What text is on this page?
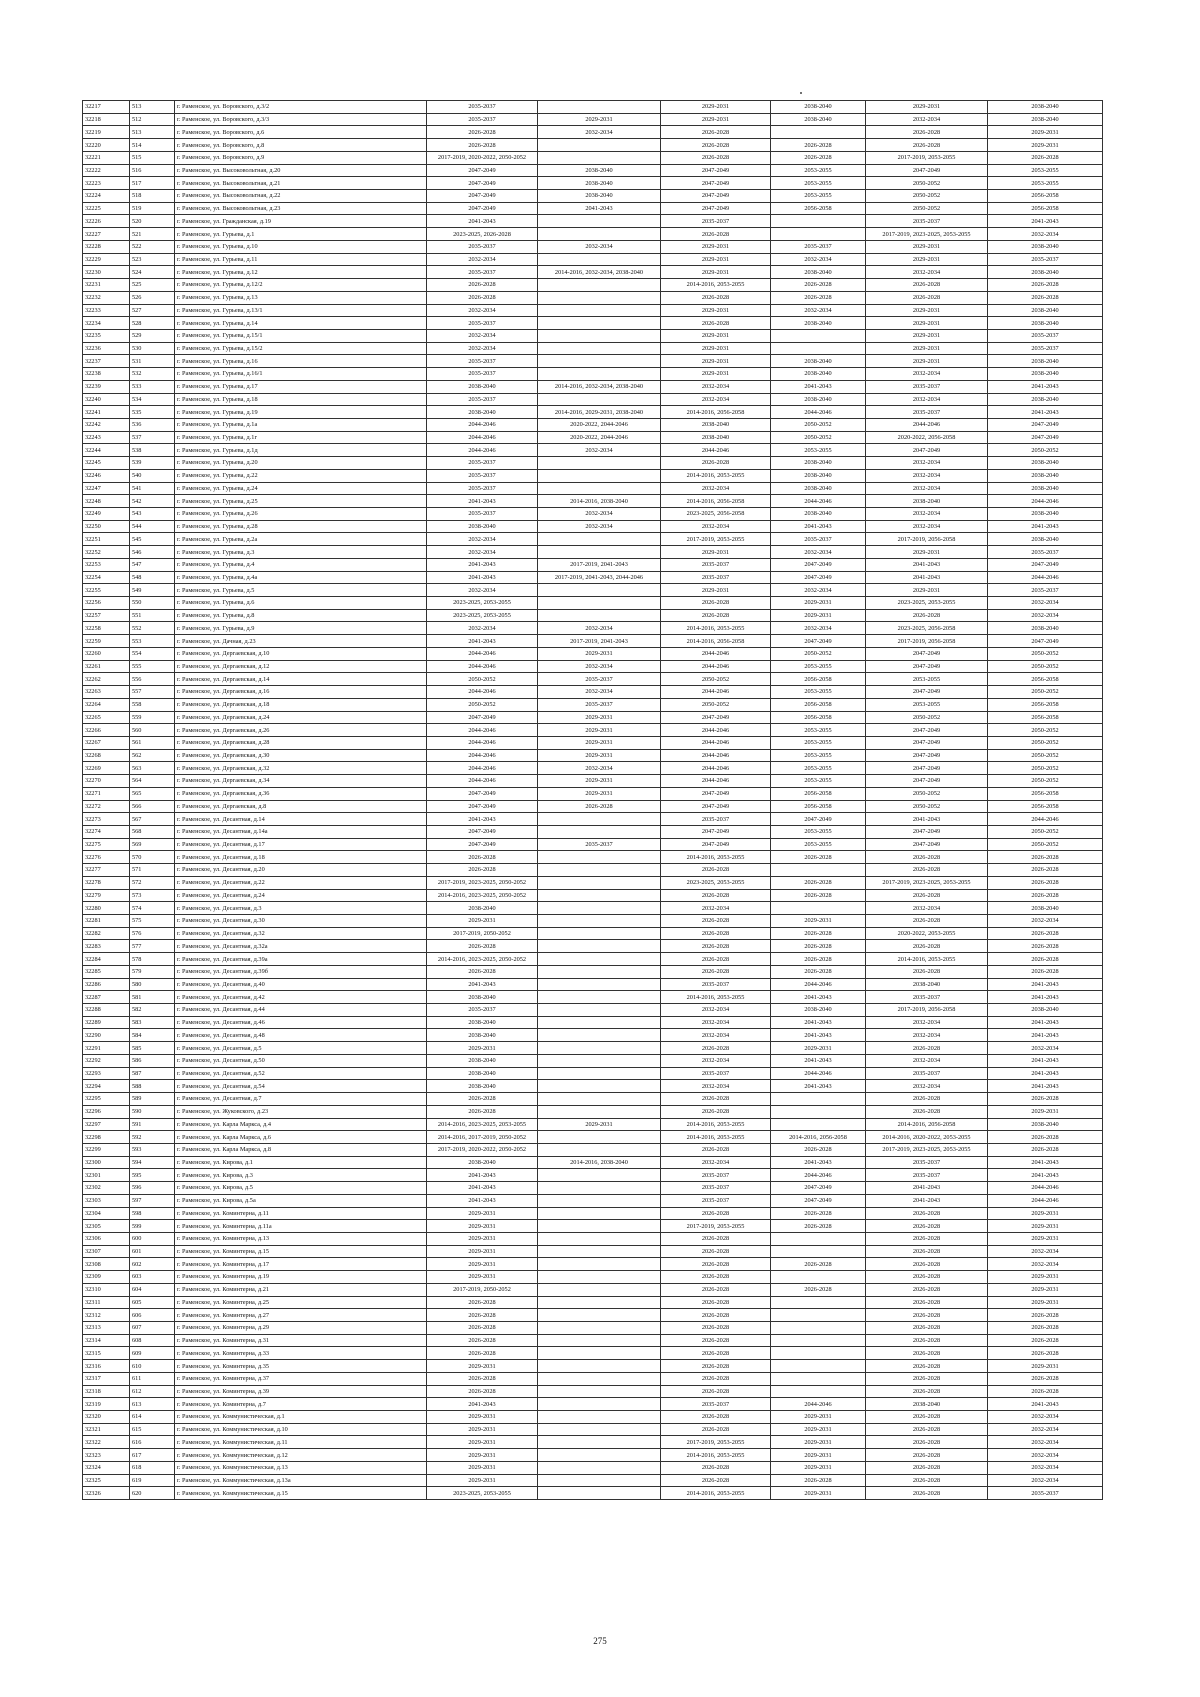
32217	513	г. Раменское, ул. Воровского, д.3/2	2035-2037		2029-2031	2038-2040	2029-2031	2038-2040
32218	512	г. Раменское, ул. Воровского, д.3/3	2035-2037	2029-2031	2029-2031	2038-2040	2032-2034	2038-2040
32219	513	г. Раменское, ул. Воровского, д.6	2026-2028	2032-2034	2026-2028		2026-2028	2029-2031
32220	514	г. Раменское, ул. Воровского, д.8	2026-2028		2026-2028	2026-2028	2026-2028	2029-2031
32221	515	г. Раменское, ул. Воровского, д.9	2017-2019, 2020-2022, 2050-2052		2026-2028	2026-2028	2017-2019, 2053-2055	2026-2028
32222	516	г. Раменское, ул. Высоковольтная, д.20	2047-2049	2038-2040	2047-2049	2053-2055	2047-2049	2053-2055
32223	517	г. Раменское, ул. Высоковольтная, д.21	2047-2049	2038-2040	2047-2049	2053-2055	2050-2052	2053-2055
32224	518	г. Раменское, ул. Высоковольтная, д.22	2047-2049	2038-2040	2047-2049	2053-2055	2050-2052	2056-2058
32225	519	г. Раменское, ул. Высоковольтная, д.23	2047-2049	2041-2043	2047-2049	2056-2058	2050-2052	2056-2058
32226	520	г. Раменское, ул. Гражданская, д.19	2041-2043		2035-2037		2035-2037	2041-2043
32227	521	г. Раменское, ул. Гурьева, д.1	2023-2025, 2026-2028		2026-2028		2017-2019, 2023-2025, 2053-2055	2032-2034
32228	522	г. Раменское, ул. Гурьева, д.10	2035-2037	2032-2034	2029-2031	2035-2037	2029-2031	2038-2040
32229	523	г. Раменское, ул. Гурьева, д.11	2032-2034		2029-2031	2032-2034	2029-2031	2035-2037
32230	524	г. Раменское, ул. Гурьева, д.12	2035-2037	2014-2016, 2032-2034, 2038-2040	2029-2031	2038-2040	2032-2034	2038-2040
32231	525	г. Раменское, ул. Гурьева, д.12/2	2026-2028		2014-2016, 2053-2055	2026-2028	2026-2028	2026-2028
32232	526	г. Раменское, ул. Гурьева, д.13	2026-2028		2026-2028	2026-2028	2026-2028	2026-2028
32233	527	г. Раменское, ул. Гурьева, д.13/1	2032-2034		2029-2031	2032-2034	2029-2031	2038-2040
32234	528	г. Раменское, ул. Гурьева, д.14	2035-2037		2026-2028	2038-2040	2029-2031	2038-2040
32235	529	г. Раменское, ул. Гурьева, д.15/1	2032-2034		2029-2031		2029-2031	2035-2037
32236	530	г. Раменское, ул. Гурьева, д.15/2	2032-2034		2029-2031		2029-2031	2035-2037
32237	531	г. Раменское, ул. Гурьева, д.16	2035-2037		2029-2031	2038-2040	2029-2031	2038-2040
32238	532	г. Раменское, ул. Гурьева, д.16/1	2035-2037		2029-2031	2038-2040	2032-2034	2038-2040
32239	533	г. Раменское, ул. Гурьева, д.17	2038-2040	2014-2016, 2032-2034, 2038-2040	2032-2034	2041-2043	2035-2037	2041-2043
32240	534	г. Раменское, ул. Гурьева, д.18	2035-2037		2032-2034	2038-2040	2032-2034	2038-2040
32241	535	г. Раменское, ул. Гурьева, д.19	2038-2040	2014-2016, 2029-2031, 2038-2040	2014-2016, 2056-2058	2044-2046	2035-2037	2041-2043
32242	536	г. Раменское, ул. Гурьева, д.1а	2044-2046	2020-2022, 2044-2046	2038-2040	2050-2052	2044-2046	2047-2049
32243	537	г. Раменское, ул. Гурьева, д.1г	2044-2046	2020-2022, 2044-2046	2038-2040	2050-2052	2020-2022, 2056-2058	2047-2049
32244	538	г. Раменское, ул. Гурьева, д.1д	2044-2046	2032-2034	2044-2046	2053-2055	2047-2049	2050-2052
32245	539	г. Раменское, ул. Гурьева, д.20	2035-2037		2026-2028	2038-2040	2032-2034	2038-2040
32246	540	г. Раменское, ул. Гурьева, д.22	2035-2037		2014-2016, 2053-2055	2038-2040	2032-2034	2038-2040
32247	541	г. Раменское, ул. Гурьева, д.24	2035-2037		2032-2034	2038-2040	2032-2034	2038-2040
32248	542	г. Раменское, ул. Гурьева, д.25	2041-2043	2014-2016, 2038-2040	2014-2016, 2056-2058	2044-2046	2038-2040	2044-2046
32249	543	г. Раменское, ул. Гурьева, д.26	2035-2037	2032-2034	2023-2025, 2056-2058	2038-2040	2032-2034	2038-2040
32250	544	г. Раменское, ул. Гурьева, д.28	2038-2040	2032-2034	2032-2034	2041-2043	2032-2034	2041-2043
32251	545	г. Раменское, ул. Гурьева, д.2а	2032-2034		2017-2019, 2053-2055	2035-2037	2017-2019, 2056-2058	2038-2040
32252	546	г. Раменское, ул. Гурьева, д.3	2032-2034		2029-2031	2032-2034	2029-2031	2035-2037
32253	547	г. Раменское, ул. Гурьева, д.4	2041-2043	2017-2019, 2041-2043	2035-2037	2047-2049	2041-2043	2047-2049
32254	548	г. Раменское, ул. Гурьева, д.4а	2041-2043	2017-2019, 2041-2043, 2044-2046	2035-2037	2047-2049	2041-2043	2044-2046
32255	549	г. Раменское, ул. Гурьева, д.5	2032-2034		2029-2031	2032-2034	2029-2031	2035-2037
32256	550	г. Раменское, ул. Гурьева, д.6	2023-2025, 2053-2055		2026-2028	2029-2031	2023-2025, 2053-2055	2032-2034
32257	551	г. Раменское, ул. Гурьева, д.8	2023-2025, 2053-2055		2026-2028	2029-2031	2026-2028	2032-2034
32258	552	г. Раменское, ул. Гурьева, д.9	2032-2034	2032-2034	2014-2016, 2053-2055	2032-2034	2023-2025, 2056-2058	2038-2040
32259	553	г. Раменское, ул. Дачная, д.23	2041-2043	2017-2019, 2041-2043	2014-2016, 2056-2058	2047-2049	2017-2019, 2056-2058	2047-2049
32260	554	г. Раменское, ул. Дергаевская, д.10	2044-2046	2029-2031	2044-2046	2050-2052	2047-2049	2050-2052
32261	555	г. Раменское, ул. Дергаевская, д.12	2044-2046	2032-2034	2044-2046	2053-2055	2047-2049	2050-2052
32262	556	г. Раменское, ул. Дергаевская, д.14	2050-2052	2035-2037	2050-2052	2056-2058	2053-2055	2056-2058
32263	557	г. Раменское, ул. Дергаевская, д.16	2044-2046	2032-2034	2044-2046	2053-2055	2047-2049	2050-2052
32264	558	г. Раменское, ул. Дергаевская, д.18	2050-2052	2035-2037	2050-2052	2056-2058	2053-2055	2056-2058
32265	559	г. Раменское, ул. Дергаевская, д.24	2047-2049	2029-2031	2047-2049	2056-2058	2050-2052	2056-2058
32266	560	г. Раменское, ул. Дергаевская, д.26	2044-2046	2029-2031	2044-2046	2053-2055	2047-2049	2050-2052
32267	561	г. Раменское, ул. Дергаевская, д.28	2044-2046	2029-2031	2044-2046	2053-2055	2047-2049	2050-2052
32268	562	г. Раменское, ул. Дергаевская, д.30	2044-2046	2029-2031	2044-2046	2053-2055	2047-2049	2050-2052
32269	563	г. Раменское, ул. Дергаевская, д.32	2044-2046	2032-2034	2044-2046	2053-2055	2047-2049	2050-2052
32270	564	г. Раменское, ул. Дергаевская, д.34	2044-2046	2029-2031	2044-2046	2053-2055	2047-2049	2050-2052
32271	565	г. Раменское, ул. Дергаевская, д.36	2047-2049	2029-2031	2047-2049	2056-2058	2050-2052	2056-2058
32272	566	г. Раменское, ул. Дергаевская, д.8	2047-2049	2026-2028	2047-2049	2056-2058	2050-2052	2056-2058
32273	567	г. Раменское, ул. Десантная, д.14	2041-2043		2035-2037	2047-2049	2041-2043	2044-2046
32274	568	г. Раменское, ул. Десантная, д.14а	2047-2049		2047-2049	2053-2055	2047-2049	2050-2052
32275	569	г. Раменское, ул. Десантная, д.17	2047-2049	2035-2037	2047-2049	2053-2055	2047-2049	2050-2052
32276	570	г. Раменское, ул. Десантная, д.18	2026-2028		2014-2016, 2053-2055	2026-2028	2026-2028	2026-2028
32277	571	г. Раменское, ул. Десантная, д.20	2026-2028		2026-2028		2026-2028	2026-2028
32278	572	г. Раменское, ул. Десантная, д.22	2017-2019, 2023-2025, 2050-2052		2023-2025, 2053-2055	2026-2028	2017-2019, 2023-2025, 2053-2055	2026-2028
32279	573	г. Раменское, ул. Десантная, д.24	2014-2016, 2023-2025, 2050-2052		2026-2028	2026-2028	2026-2028	2026-2028
32280	574	г. Раменское, ул. Десантная, д.3	2038-2040		2032-2034		2032-2034	2038-2040
32281	575	г. Раменское, ул. Десантная, д.30	2029-2031		2026-2028	2029-2031	2026-2028	2032-2034
32282	576	г. Раменское, ул. Десантная, д.32	2017-2019, 2050-2052		2026-2028	2026-2028	2020-2022, 2053-2055	2026-2028
32283	577	г. Раменское, ул. Десантная, д.32а	2026-2028		2026-2028	2026-2028	2026-2028	2026-2028
32284	578	г. Раменское, ул. Десантная, д.39а	2014-2016, 2023-2025, 2050-2052		2026-2028	2026-2028	2014-2016, 2053-2055	2026-2028
32285	579	г. Раменское, ул. Десантная, д.39б	2026-2028		2026-2028	2026-2028	2026-2028	2026-2028
32286	580	г. Раменское, ул. Десантная, д.40	2041-2043		2035-2037	2044-2046	2038-2040	2041-2043
32287	581	г. Раменское, ул. Десантная, д.42	2038-2040		2014-2016, 2053-2055	2041-2043	2035-2037	2041-2043
32288	582	г. Раменское, ул. Десантная, д.44	2035-2037		2032-2034	2038-2040	2017-2019, 2056-2058	2038-2040
32289	583	г. Раменское, ул. Десантная, д.46	2038-2040		2032-2034	2041-2043	2032-2034	2041-2043
32290	584	г. Раменское, ул. Десантная, д.48	2038-2040		2032-2034	2041-2043	2032-2034	2041-2043
32291	585	г. Раменское, ул. Десантная, д.5	2029-2031		2026-2028	2029-2031	2026-2028	2032-2034
32292	586	г. Раменское, ул. Десантная, д.50	2038-2040		2032-2034	2041-2043	2032-2034	2041-2043
32293	587	г. Раменское, ул. Десантная, д.52	2038-2040		2035-2037	2044-2046	2035-2037	2041-2043
32294	588	г. Раменское, ул. Десантная, д.54	2038-2040		2032-2034	2041-2043	2032-2034	2041-2043
32295	589	г. Раменское, ул. Десантная, д.7	2026-2028		2026-2028		2026-2028	2026-2028
32296	590	г. Раменское, ул. Жуковского, д.23	2026-2028		2026-2028		2026-2028	2029-2031
32297	591	г. Раменское, ул. Карла Маркса, д.4	2014-2016, 2023-2025, 2053-2055	2029-2031	2014-2016, 2053-2055		2014-2016, 2056-2058	2038-2040
32298	592	г. Раменское, ул. Карла Маркса, д.6	2014-2016, 2017-2019, 2050-2052		2014-2016, 2053-2055	2014-2016, 2056-2058	2014-2016, 2020-2022, 2053-2055	2026-2028
32299	593	г. Раменское, ул. Карла Маркса, д.8	2017-2019, 2020-2022, 2050-2052		2026-2028	2026-2028	2017-2019, 2023-2025, 2053-2055	2026-2028
32300	594	г. Раменское, ул. Кирова, д.1	2038-2040	2014-2016, 2038-2040	2032-2034	2041-2043	2035-2037	2041-2043
32301	595	г. Раменское, ул. Кирова, д.3	2041-2043		2035-2037	2044-2046	2035-2037	2041-2043
32302	596	г. Раменское, ул. Кирова, д.5	2041-2043		2035-2037	2047-2049	2041-2043	2044-2046
32303	597	г. Раменское, ул. Кирова, д.5а	2041-2043		2035-2037	2047-2049	2041-2043	2044-2046
32304	598	г. Раменское, ул. Коминтерна, д.11	2029-2031		2026-2028	2026-2028	2026-2028	2029-2031
32305	599	г. Раменское, ул. Коминтерна, д.11а	2029-2031		2017-2019, 2053-2055	2026-2028	2026-2028	2029-2031
32306	600	г. Раменское, ул. Коминтерна, д.13	2029-2031		2026-2028		2026-2028	2029-2031
32307	601	г. Раменское, ул. Коминтерна, д.15	2029-2031		2026-2028		2026-2028	2032-2034
32308	602	г. Раменское, ул. Коминтерна, д.17	2029-2031		2026-2028	2026-2028	2026-2028	2032-2034
32309	603	г. Раменское, ул. Коминтерна, д.19	2029-2031		2026-2028		2026-2028	2029-2031
32310	604	г. Раменское, ул. Коминтерна, д.21	2017-2019, 2050-2052		2026-2028	2026-2028	2026-2028	2029-2031
32311	605	г. Раменское, ул. Коминтерна, д.25	2026-2028		2026-2028		2026-2028	2029-2031
32312	606	г. Раменское, ул. Коминтерна, д.27	2026-2028		2026-2028		2026-2028	2026-2028
32313	607	г. Раменское, ул. Коминтерна, д.29	2026-2028		2026-2028		2026-2028	2026-2028
32314	608	г. Раменское, ул. Коминтерна, д.31	2026-2028		2026-2028		2026-2028	2026-2028
32315	609	г. Раменское, ул. Коминтерна, д.33	2026-2028		2026-2028		2026-2028	2026-2028
32316	610	г. Раменское, ул. Коминтерна, д.35	2029-2031		2026-2028		2026-2028	2029-2031
32317	611	г. Раменское, ул. Коминтерна, д.37	2026-2028		2026-2028		2026-2028	2026-2028
32318	612	г. Раменское, ул. Коминтерна, д.39	2026-2028		2026-2028		2026-2028	2026-2028
32319	613	г. Раменское, ул. Коминтерна, д.7	2041-2043		2035-2037	2044-2046	2038-2040	2041-2043
32320	614	г. Раменское, ул. Коммунистическая, д.1	2029-2031		2026-2028	2029-2031	2026-2028	2032-2034
32321	615	г. Раменское, ул. Коммунистическая, д.10	2029-2031		2026-2028	2029-2031	2026-2028	2032-2034
32322	616	г. Раменское, ул. Коммунистическая, д.11	2029-2031		2017-2019, 2053-2055	2029-2031	2026-2028	2032-2034
32323	617	г. Раменское, ул. Коммунистическая, д.12	2029-2031		2014-2016, 2053-2055	2029-2031	2026-2028	2032-2034
32324	618	г. Раменское, ул. Коммунистическая, д.13	2029-2031		2026-2028	2029-2031	2026-2028	2032-2034
32325	619	г. Раменское, ул. Коммунистическая, д.13а	2029-2031		2026-2028	2026-2028	2026-2028	2032-2034
32326	620	г. Раменское, ул. Коммунистическая, д.15	2023-2025, 2053-2055		2014-2016, 2053-2055	2029-2031	2026-2028	2035-2037
275
